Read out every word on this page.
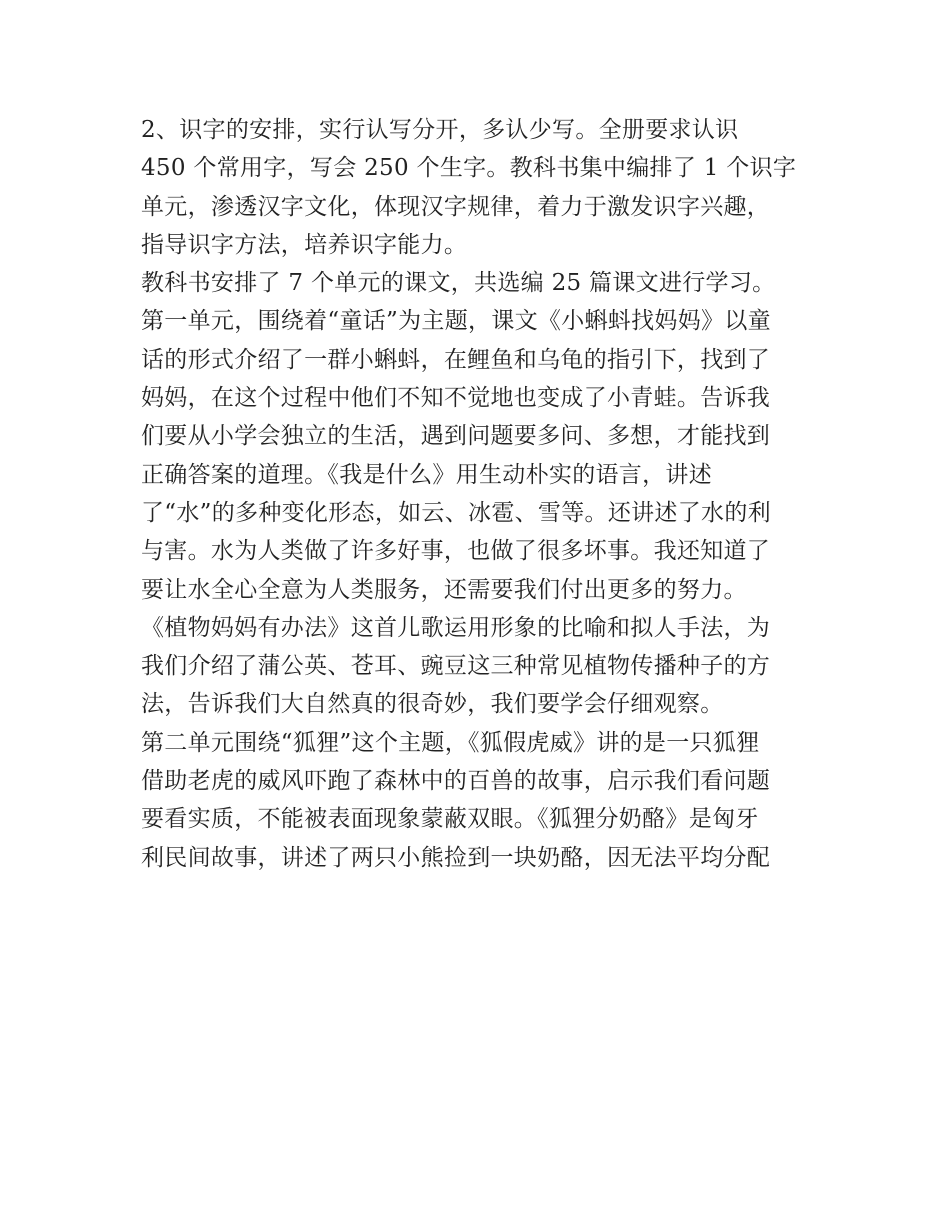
2、识字的安排，实行认写分开，多认少写。全册要求认识
450 个常用字，写会 250 个生字。教科书集中编排了 1 个识字
单元，渗透汉字文化，体现汉字规律，着力于激发识字兴趣，
指导识字方法，培养识字能力。
教科书安排了 7 个单元的课文，共选编 25 篇课文进行学习。
第一单元，围绕着“童话”为主题，课文《小蝌蚪找妈妈》以童
话的形式介绍了一群小蝌蚪，在鲤鱼和乌龟的指引下，找到了
妈妈，在这个过程中他们不知不觉地也变成了小青蛙。告诉我
们要从小学会独立的生活，遇到问题要多问、多想，才能找到
正确答案的道理。《我是什么》用生动朴实的语言，讲述
了“水”的多种变化形态，如云、冰雹、雪等。还讲述了水的利
与害。水为人类做了许多好事，也做了很多坏事。我还知道了
要让水全心全意为人类服务，还需要我们付出更多的努力。
《植物妈妈有办法》这首儿歌运用形象的比喻和拟人手法，为
我们介绍了蒲公英、苍耳、豌豆这三种常见植物传播种子的方
法，告诉我们大自然真的很奇妙，我们要学会仔细观察。
第二单元围绕“狐狸”这个主题，《狐假虎威》讲的是一只狐狸
借助老虎的威风吓跑了森林中的百兽的故事，启示我们看问题
要看实质，不能被表面现象蒙蔽双眼。《狐狸分奶酪》是匈牙
利民间故事，讲述了两只小熊捡到一块奶酪，因无法平均分配
